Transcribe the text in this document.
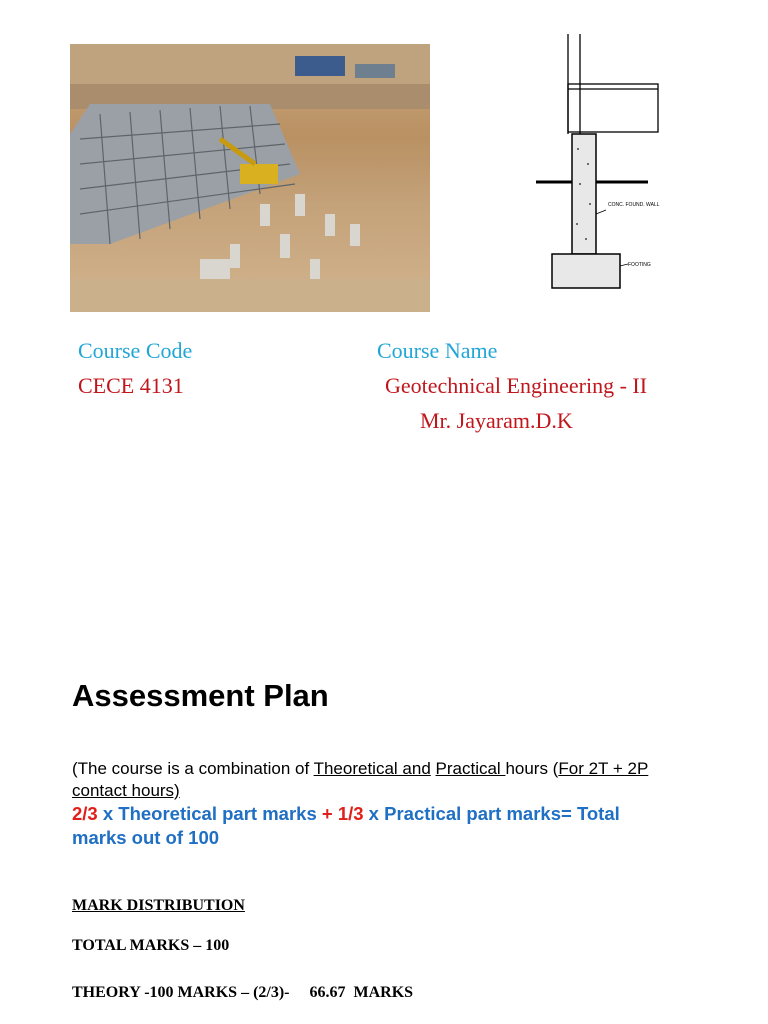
CONC. FOUND. WALL
FOOTING
Course Code	Course Name
CECE 4131	Geotechnical Engineering - II
Mr. Jayaram.D.K
Assessment Plan
(The course is a combination of Theoretical and Practical hours (For 2T + 2P contact hours)
2/3 x Theoretical part marks + 1/3 x Practical part marks= Total marks out of 100
MARK DISTRIBUTION
TOTAL MARKS – 100
THEORY -100 MARKS – (2/3)- 66.67 MARKS
